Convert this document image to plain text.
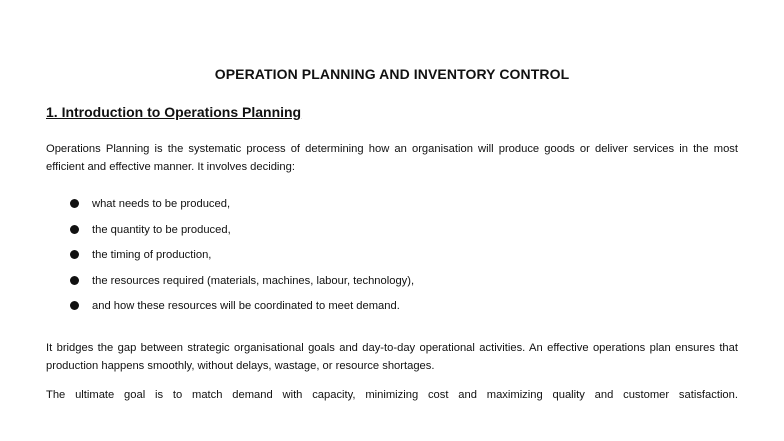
OPERATION PLANNING AND INVENTORY CONTROL
1. Introduction to Operations Planning
Operations Planning is the systematic process of determining how an organisation will produce goods or deliver services in the most efficient and effective manner. It involves deciding:
what needs to be produced,
the quantity to be produced,
the timing of production,
the resources required (materials, machines, labour, technology),
and how these resources will be coordinated to meet demand.
It bridges the gap between strategic organisational goals and day-to-day operational activities. An effective operations plan ensures that production happens smoothly, without delays, wastage, or resource shortages.
The ultimate goal is to match demand with capacity, minimizing cost and maximizing quality and customer satisfaction.
